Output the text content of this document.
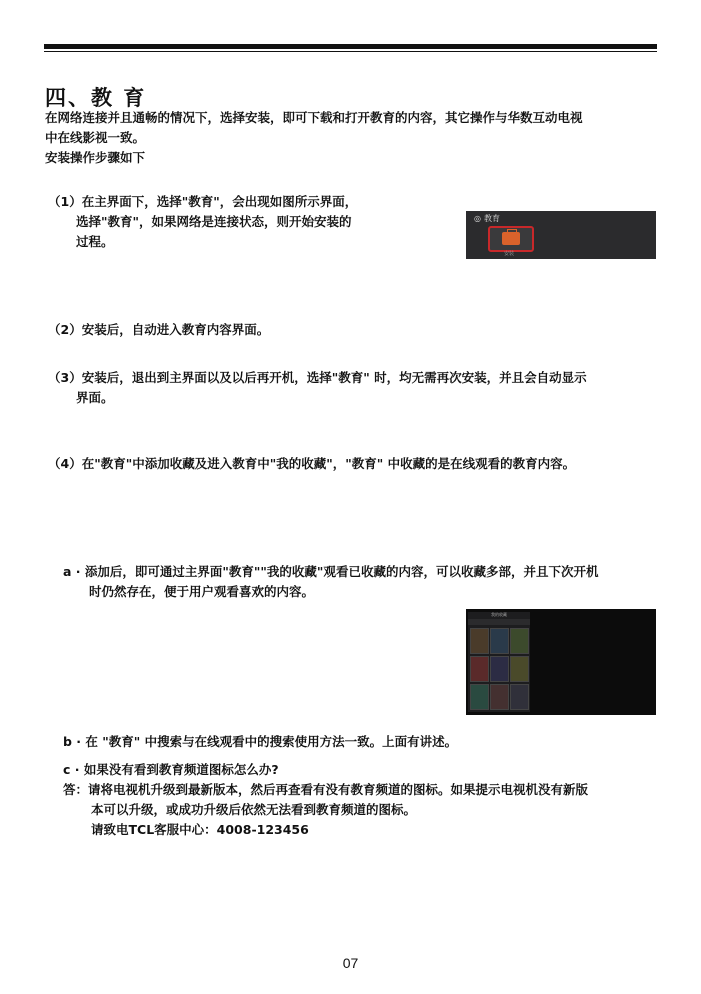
四、教 育
在网络连接并且通畅的情况下，选择安装，即可下载和打开教育的内容，其它操作与华数互动电视
中在线影视一致。
安装操作步骤如下
（1）在主界面下，选择"教育"，会出现如图所示界面，
选择"教育"，如果网络是连接状态，则开始安装的
过程。
◎ 教育
安装
（2）安装后，自动进入教育内容界面。
（3）安装后，退出到主界面以及以后再开机，选择"教育" 时，均无需再次安装，并且会自动显示
界面。
（4）在"教育"中添加收藏及进入教育中"我的收藏"，"教育" 中收藏的是在线观看的教育内容。
a · 添加后，即可通过主界面"教育""我的收藏"观看已收藏的内容，可以收藏多部，并且下次开机
时仍然存在，便于用户观看喜欢的内容。
我的收藏
b · 在 "教育" 中搜索与在线观看中的搜索使用方法一致。上面有讲述。
c · 如果没有看到教育频道图标怎么办?
答：请将电视机升级到最新版本，然后再查看有没有教育频道的图标。如果提示电视机没有新版
本可以升级，或成功升级后依然无法看到教育频道的图标。
请致电TCL客服中心：4008-123456
07
